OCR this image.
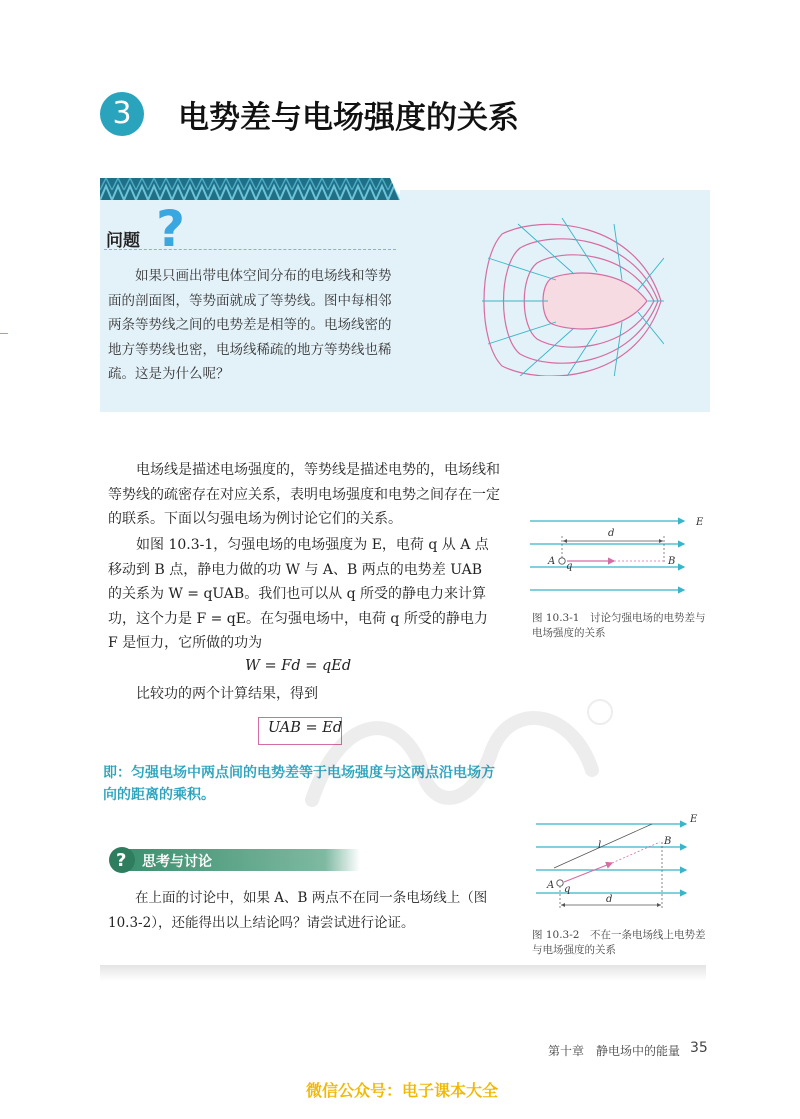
3	电势差与电场强度的关系
问题 ?
如果只画出带电体空间分布的电场线和等势面的剖面图，等势面就成了等势线。图中每相邻两条等势线之间的电势差是相等的。电场线密的地方等势线也密，电场线稀疏的地方等势线也稀疏。这是为什么呢？
电场线是描述电场强度的，等势线是描述电势的，电场线和等势线的疏密存在对应关系，表明电场强度和电势之间存在一定的联系。下面以匀强电场为例讨论它们的关系。
如图 10.3-1，匀强电场的电场强度为 E，电荷 q 从 A 点移动到 B 点，静电力做的功 W 与 A、B 两点的电势差 UAB 的关系为 W = qUAB。我们也可以从 q 所受的静电力来计算功，这个力是 F = qE。在匀强电场中，电荷 q 所受的静电力 F 是恒力，它所做的功为
W = Fd = qEd
比较功的两个计算结果，得到
UAB = Ed
即：匀强电场中两点间的电势差等于电场强度与这两点沿电场方向的距离的乘积。
E
d
A q	B
图 10.3-1　讨论匀强电场的电势差与电场强度的关系
? 思考与讨论
在上面的讨论中，如果 A、B 两点不在同一条电场线上（图 10.3-2），还能得出以上结论吗？请尝试进行论证。
E
l	B
A q
d
图 10.3-2　不在一条电场线上电势差与电场强度的关系
第十章　静电场中的能量 35
微信公众号：电子课本大全
